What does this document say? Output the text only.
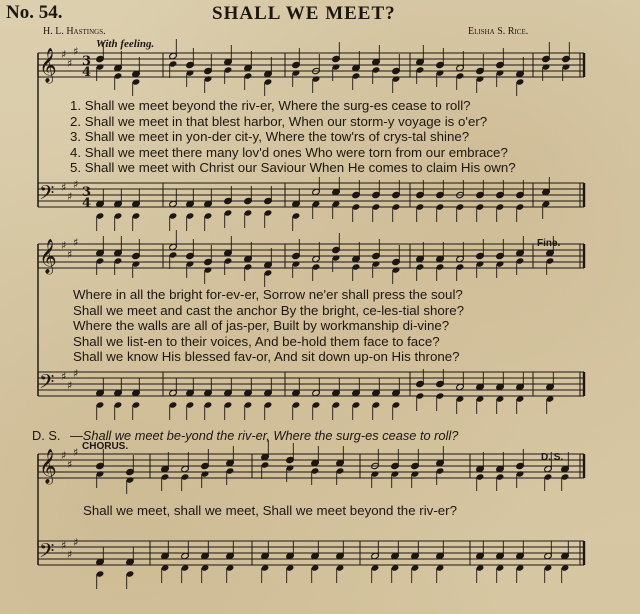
No. 54.	SHALL WE MEET?
H. L. Hastings.	Elisha S. Rice.
With feeling.
𝄞 ♯
♯
♯
𝄢 ♯
♯
♯
𝄞 ♯
♯
♯
𝄢 ♯
♯
♯
𝄞 ♯
♯
♯
𝄢 ♯
♯
♯
1. Shall we meet beyond the riv-er, Where the surg-es cease to roll?
2. Shall we meet in that blest harbor, When our storm-y voyage is o'er?
3. Shall we meet in yon-der cit-y, Where the tow'rs of crys-tal shine?
4. Shall we meet there many lov'd ones Who were torn from our embrace?
5. Shall we meet with Christ our Saviour When He comes to claim His own?
Where in all the bright for-ev-er, Sorrow ne'er shall press the soul?
Shall we meet and cast the anchor By the bright, ce-les-tial shore?
Where the walls are all of jas-per, Built by workmanship di-vine?
Shall we list-en to their voices, And be-hold them face to face?
Shall we know His blessed fav-or, And sit down up-on His throne?
Fine.
D. S. —Shall we meet be-yond the riv-er, Where the surg-es cease to roll?
CHORUS.
D. S.
Shall we meet, shall we meet, Shall we meet beyond the riv-er?
3
4
3
4
